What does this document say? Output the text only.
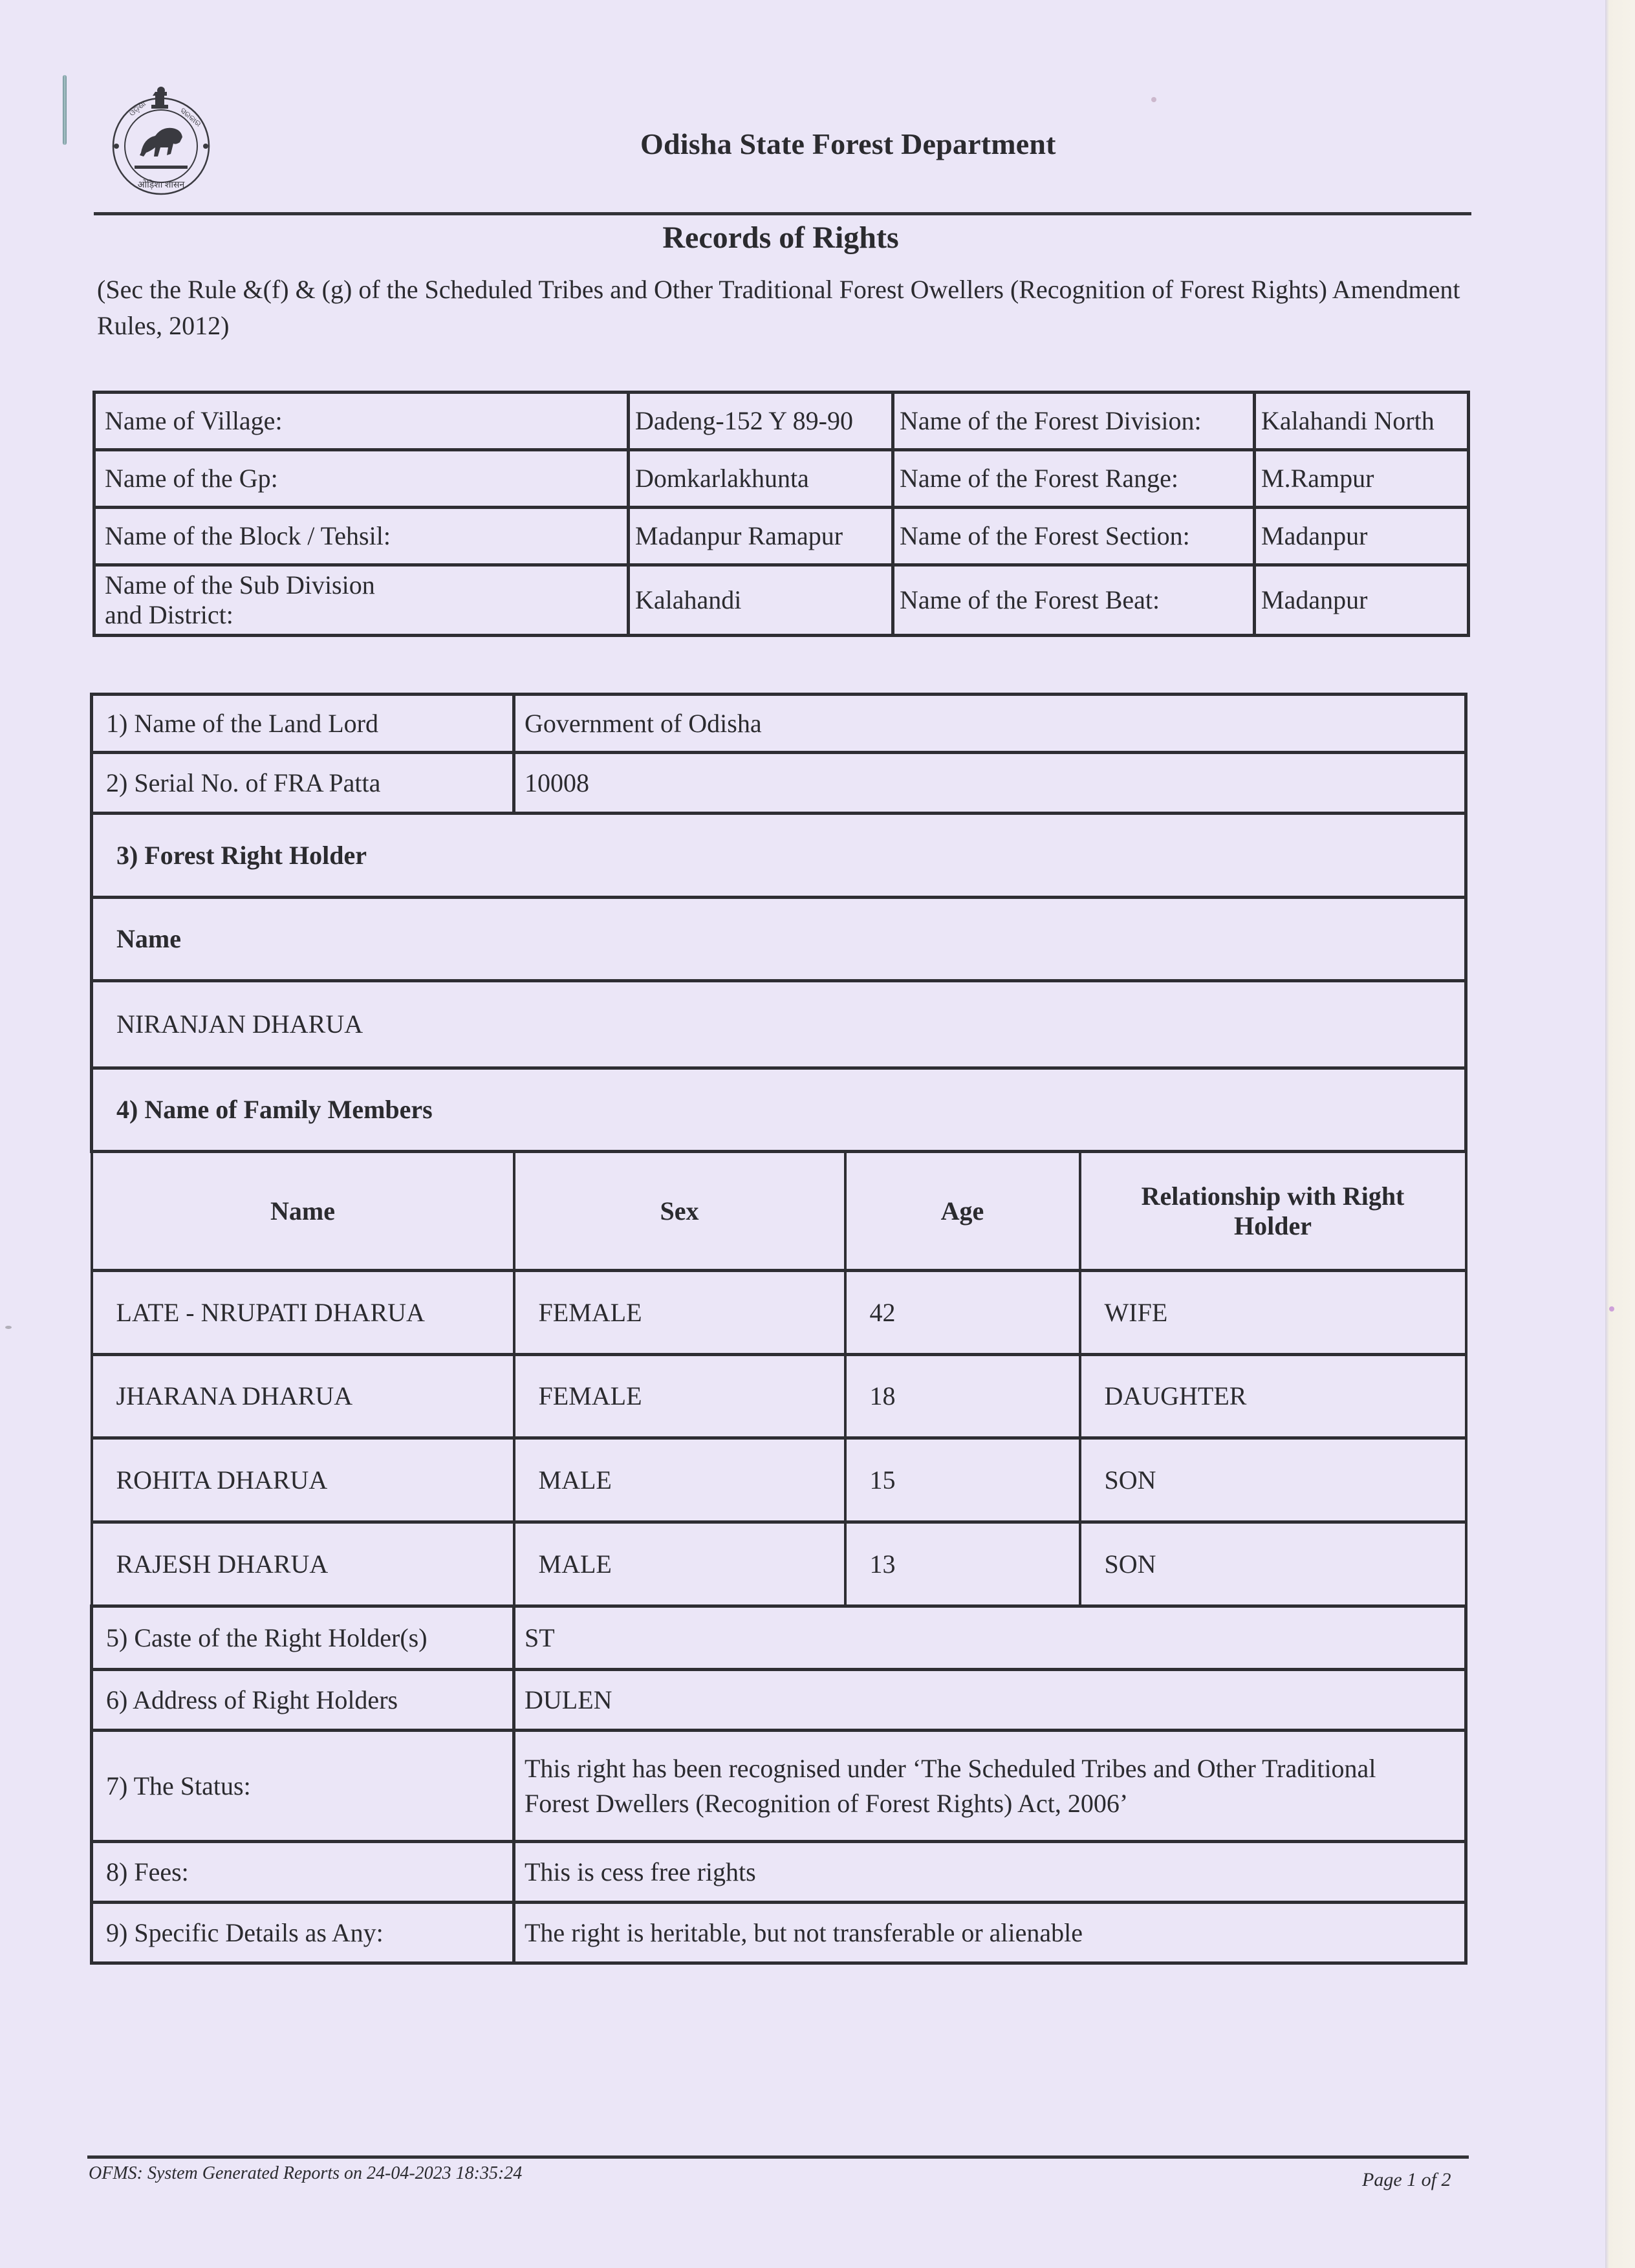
ओड़िशा शासन
ଓଡ଼ିଶା	ସରକାର
Odisha State Forest Department
Records of Rights
(Sec the Rule &(f) & (g) of the Scheduled Tribes and Other Traditional Forest Owellers (Recognition of Forest Rights) Amendment Rules, 2012)
Name of Village:	Dadeng-152 Y 89-90	Name of the Forest Division:	Kalahandi North
Name of the Gp:	Domkarlakhunta	Name of the Forest Range:	M.Rampur
Name of the Block / Tehsil:	Madanpur Ramapur	Name of the Forest Section:	Madanpur
Name of the Sub Division and District:	Kalahandi	Name of the Forest Beat:	Madanpur
1) Name of the Land Lord	Government of Odisha		
2) Serial No. of FRA Patta	10008		
3) Forest Right Holder			
Name			
NIRANJAN DHARUA			
4) Name of Family Members			
Name	Sex	Age	Relationship with Right Holder
LATE - NRUPATI DHARUA	FEMALE	42	WIFE
JHARANA DHARUA	FEMALE	18	DAUGHTER
ROHITA DHARUA	MALE	15	SON
RAJESH DHARUA	MALE	13	SON
5) Caste of the Right Holder(s)	ST		
6) Address of Right Holders	DULEN		
7) The Status:	This right has been recognised under ‘The Scheduled Tribes and Other Traditional
Forest Dwellers (Recognition of Forest Rights) Act, 2006’		

8) Fees:	This is cess free rights		
9) Specific Details as Any:	The right is heritable, but not transferable or alienable		
OFMS: System Generated Reports on 24-04-2023 18:35:24	Page 1 of 2
